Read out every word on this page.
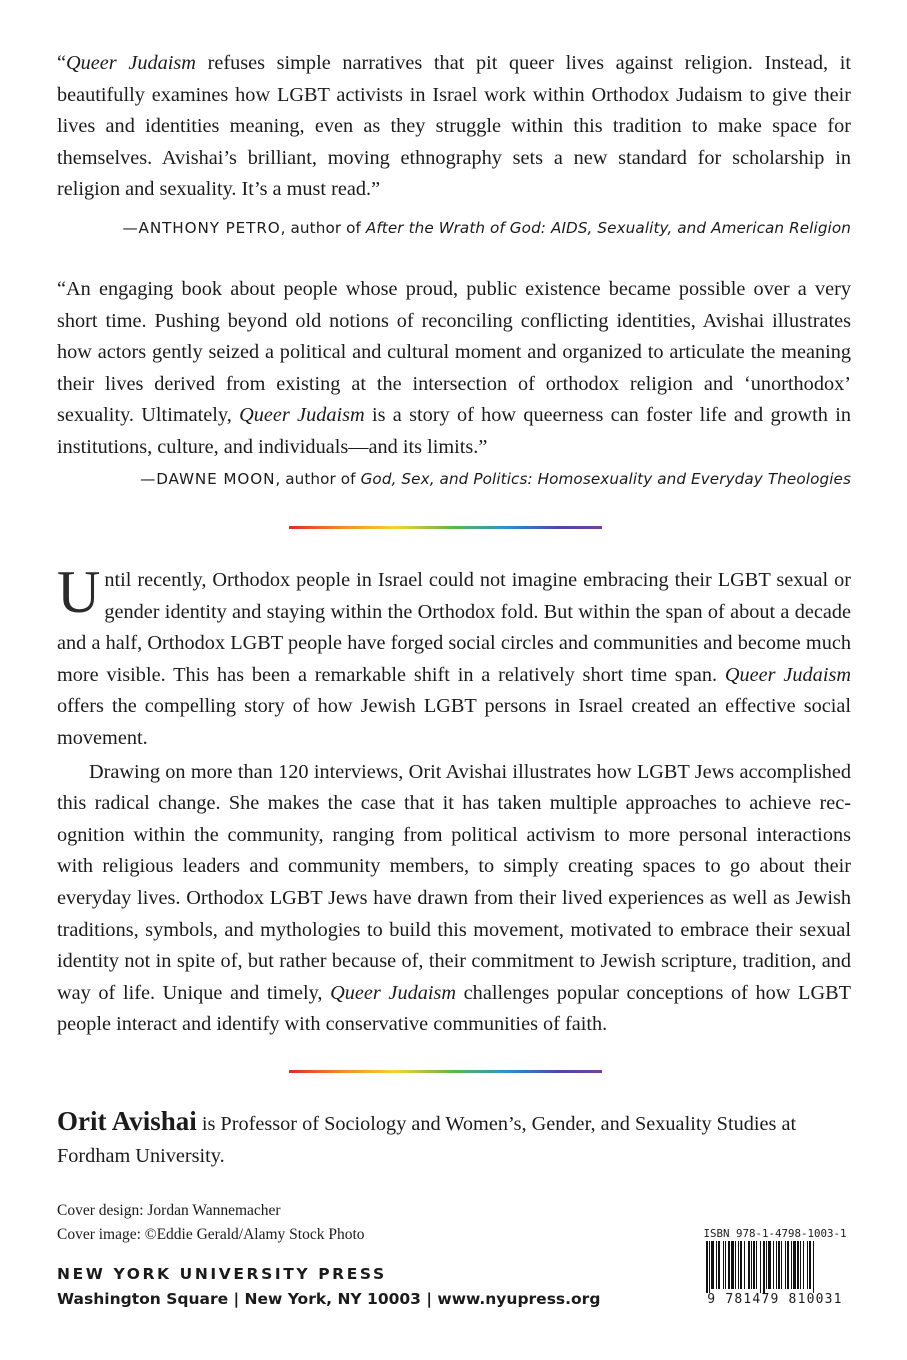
“Queer Judaism refuses simple narratives that pit queer lives against religion. Instead, it beautifully examines how LGBT activists in Israel work within Orthodox Judaism to give their lives and identities meaning, even as they struggle within this tradition to make space for themselves. Avishai’s brilliant, moving ethnography sets a new standard for scholarship in religion and sexuality. It’s a must read.”
—ANTHONY PETRO, author of After the Wrath of God: AIDS, Sexuality, and American Religion
“An engaging book about people whose proud, public existence became possible over a very short time. Pushing beyond old notions of reconciling conflicting identities, Avishai illustrates how actors gently seized a political and cultural moment and organized to articulate the meaning their lives derived from existing at the intersection of orthodox religion and ‘unorthodox’ sexuality. Ultimately, Queer Judaism is a story of how queerness can foster life and growth in institutions, culture, and individuals—and its limits.”
—DAWNE MOON, author of God, Sex, and Politics: Homosexuality and Everyday Theologies

Until recently, Orthodox people in Israel could not imagine embracing their LGBT sexual or gender identity and staying within the Orthodox fold. But within the span of about a decade and a half, Orthodox LGBT people have forged social circles and communities and become much more visible. This has been a remarkable shift in a relatively short time span. Queer Judaism offers the compelling story of how Jewish LGBT persons in Israel created an effective social movement.

Drawing on more than 120 interviews, Orit Avishai illustrates how LGBT Jews accomplished this radical change. She makes the case that it has taken multiple approaches to achieve recognition within the community, ranging from political activism to more personal interactions with religious leaders and community members, to simply creating spaces to go about their everyday lives. Orthodox LGBT Jews have drawn from their lived experiences as well as Jewish traditions, symbols, and mythologies to build this movement, motivated to embrace their sexual identity not in spite of, but rather because of, their commitment to Jewish scripture, tradition, and way of life. Unique and timely, Queer Judaism challenges popular conceptions of how LGBT people interact and identify with conservative communities of faith.

Orit Avishai is Professor of Sociology and Women’s, Gender, and Sexuality Studies at Fordham University.
Cover design: Jordan Wannemacher
Cover image: ©Eddie Gerald/Alamy Stock Photo
NEW YORK UNIVERSITY PRESS
Washington Square | New York, NY 10003 | www.nyupress.org
ISBN 978-1-4798-1003-1
9 781479 810031
